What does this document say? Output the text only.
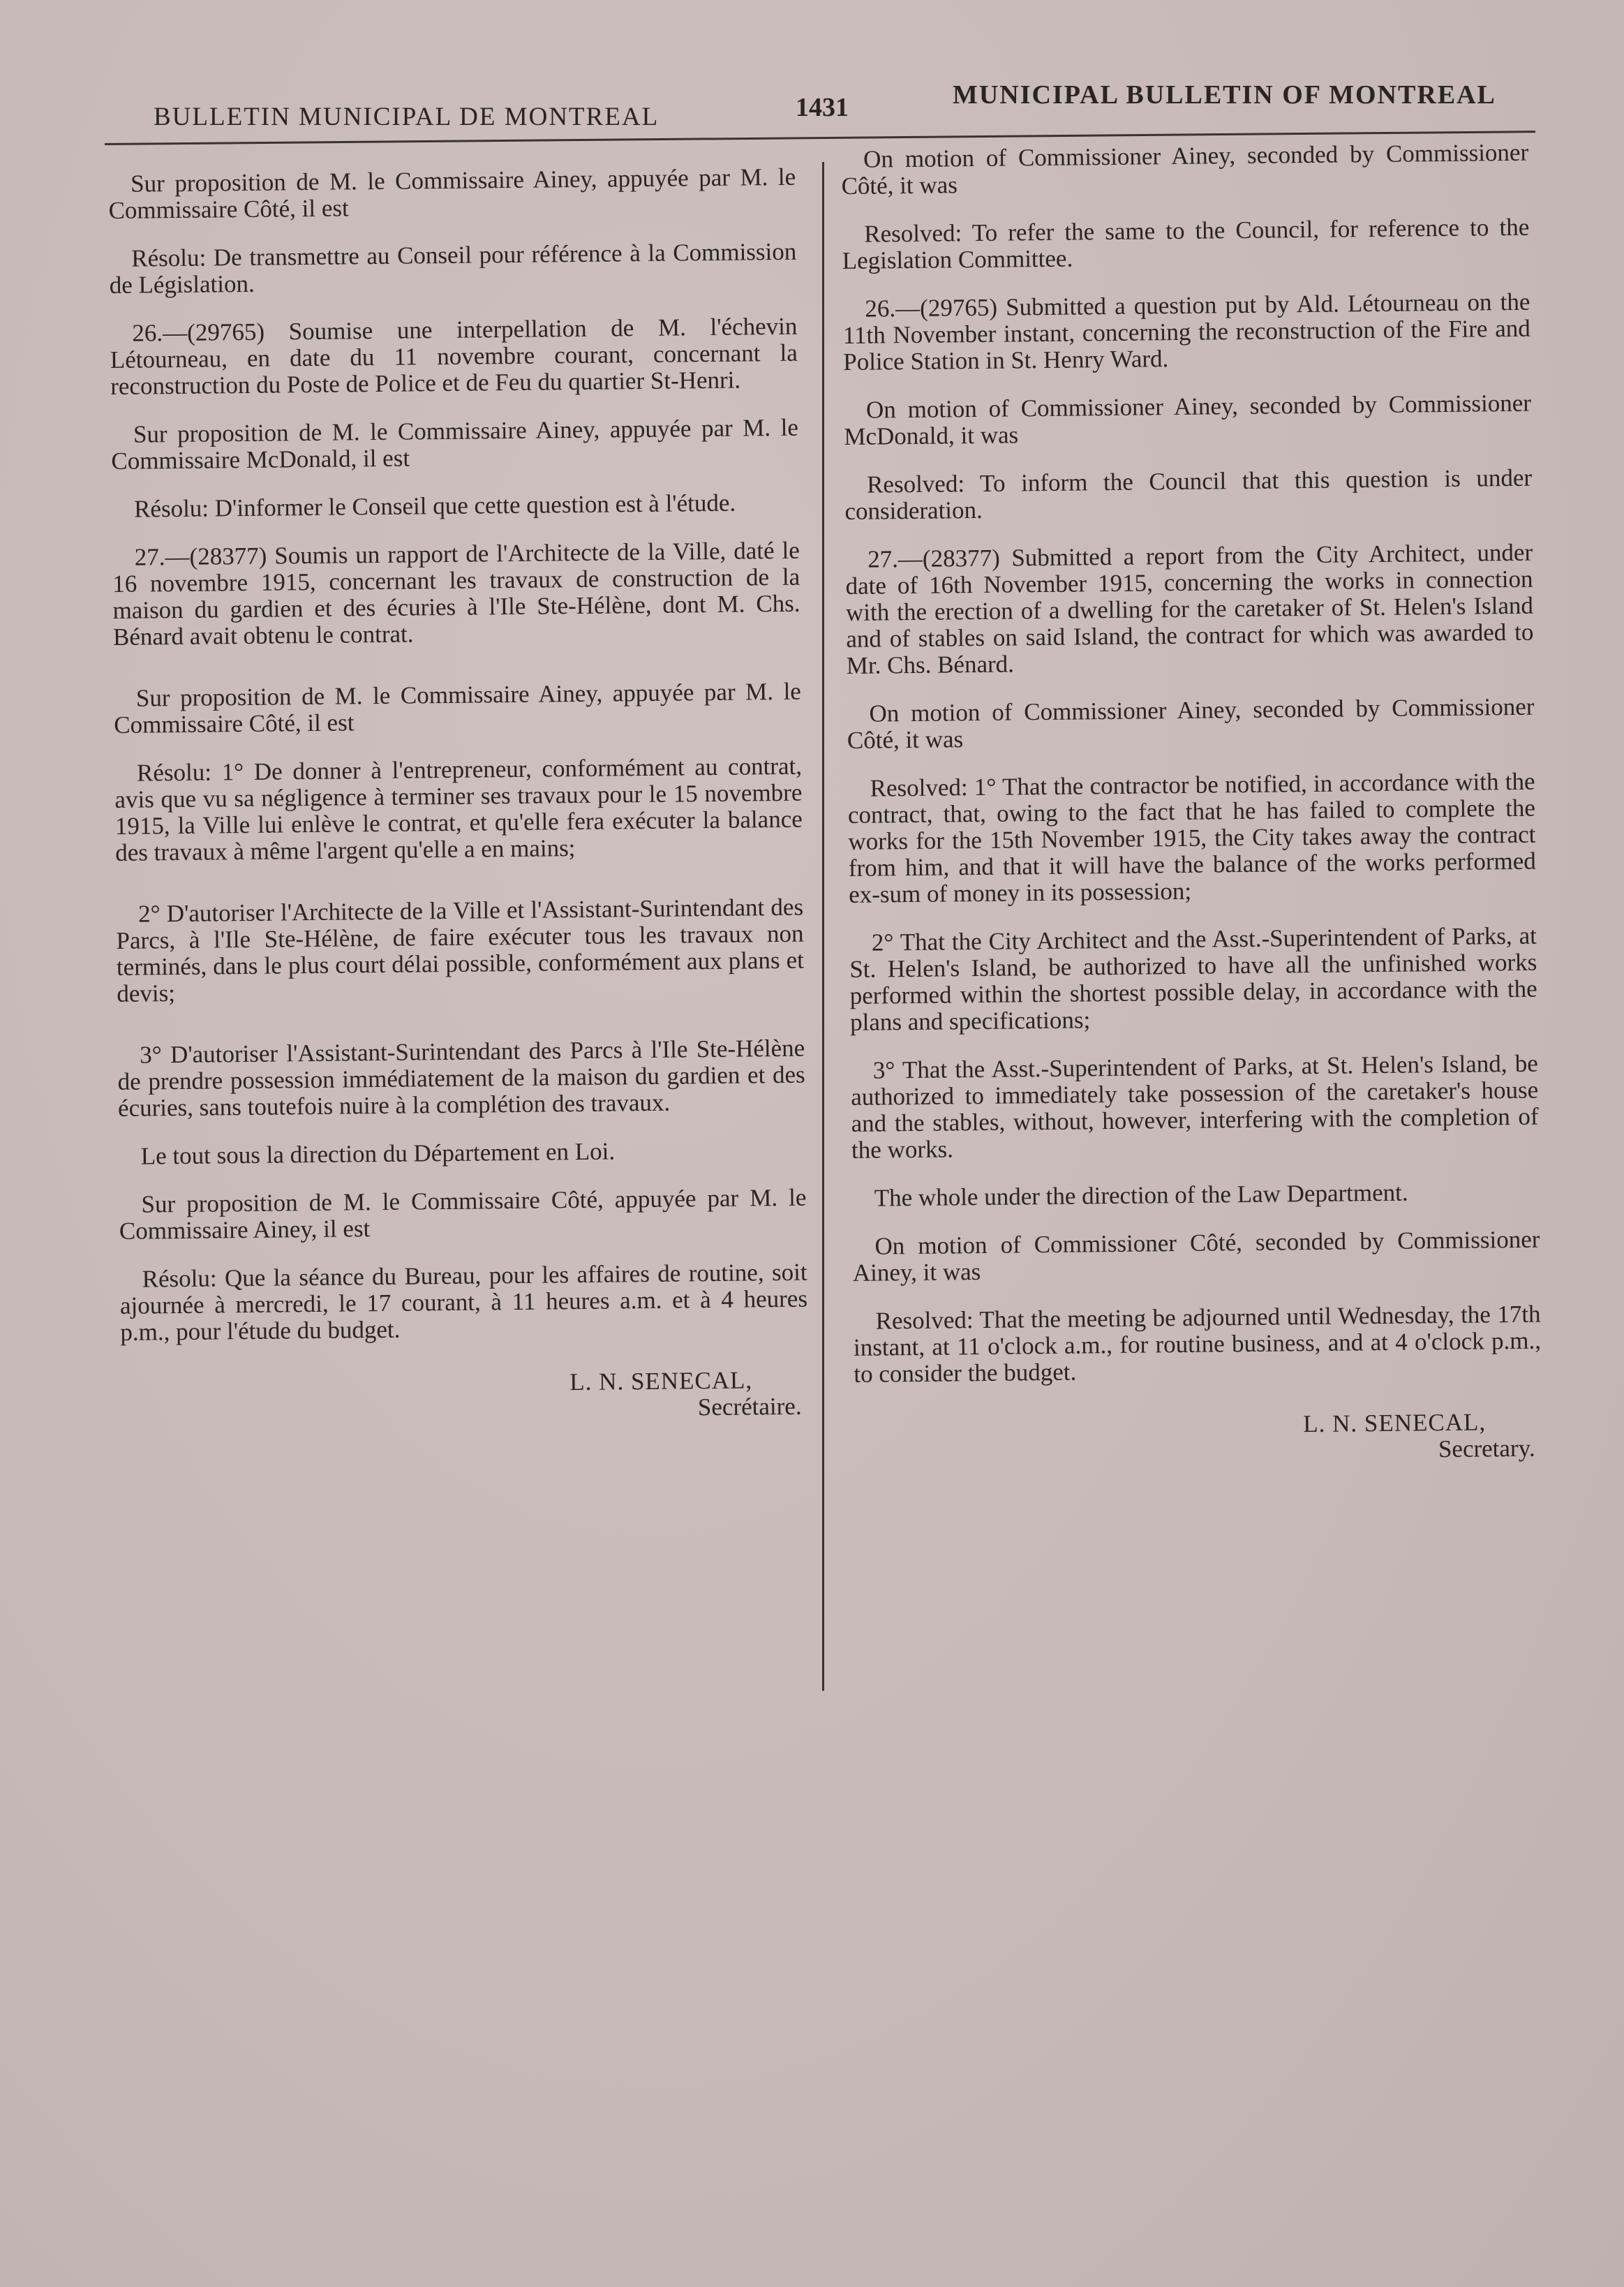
BULLETIN MUNICIPAL DE MONTREAL	1431	MUNICIPAL BULLETIN OF MONTREAL

Sur proposition de M. le Commissaire Ainey, appuyée par M. le Commissaire Côté, il est

Résolu: De transmettre au Conseil pour référence à la Commission de Législation.

26.—(29765) Soumise une interpellation de M. l'échevin Létourneau, en date du 11 novembre courant, concernant la reconstruction du Poste de Police et de Feu du quartier St-Henri.

Sur proposition de M. le Commissaire Ainey, appuyée par M. le Commissaire McDonald, il est

Résolu: D'informer le Conseil que cette question est à l'étude.

27.—(28377) Soumis un rapport de l'Architecte de la Ville, daté le 16 novembre 1915, concernant les travaux de construction de la maison du gardien et des écuries à l'Ile Ste-Hélène, dont M. Chs. Bénard avait obtenu le contrat.

Sur proposition de M. le Commissaire Ainey, appuyée par M. le Commissaire Côté, il est

Résolu: 1° De donner à l'entrepreneur, conformément au contrat, avis que vu sa négligence à terminer ses travaux pour le 15 novembre 1915, la Ville lui enlève le contrat, et qu'elle fera exécuter la balance des travaux à même l'argent qu'elle a en mains;

2° D'autoriser l'Architecte de la Ville et l'Assistant-Surintendant des Parcs, à l'Ile Ste-Hélène, de faire exécuter tous les travaux non terminés, dans le plus court délai possible, conformément aux plans et devis;

3° D'autoriser l'Assistant-Surintendant des Parcs à l'Ile Ste-Hélène de prendre possession immédiatement de la maison du gardien et des écuries, sans toutefois nuire à la complétion des travaux.

Le tout sous la direction du Département en Loi.

Sur proposition de M. le Commissaire Côté, appuyée par M. le Commissaire Ainey, il est

Résolu: Que la séance du Bureau, pour les affaires de routine, soit ajournée à mercredi, le 17 courant, à 11 heures a.m. et à 4 heures p.m., pour l'étude du budget.

L. N. SENECAL,

Secrétaire.

On motion of Commissioner Ainey, seconded by Commissioner Côté, it was

Resolved: To refer the same to the Council, for reference to the Legislation Committee.

26.—(29765) Submitted a question put by Ald. Létourneau on the 11th November instant, concerning the reconstruction of the Fire and Police Station in St. Henry Ward.

On motion of Commissioner Ainey, seconded by Commissioner McDonald, it was

Resolved: To inform the Council that this question is under consideration.

27.—(28377) Submitted a report from the City Architect, under date of 16th November 1915, concerning the works in connection with the erection of a dwelling for the caretaker of St. Helen's Island and of stables on said Island, the contract for which was awarded to Mr. Chs. Bénard.

On motion of Commissioner Ainey, seconded by Commissioner Côté, it was

Resolved: 1° That the contractor be notified, in accordance with the contract, that, owing to the fact that he has failed to complete the works for the 15th November 1915, the City takes away the contract from him, and that it will have the balance of the works performed ex-sum of money in its possession;

2° That the City Architect and the Asst.-Superintendent of Parks, at St. Helen's Island, be authorized to have all the unfinished works performed within the shortest possible delay, in accordance with the plans and specifications;

3° That the Asst.-Superintendent of Parks, at St. Helen's Island, be authorized to immediately take possession of the caretaker's house and the stables, without, however, interfering with the completion of the works.

The whole under the direction of the Law Department.

On motion of Commissioner Côté, seconded by Commissioner Ainey, it was

Resolved: That the meeting be adjourned until Wednesday, the 17th instant, at 11 o'clock a.m., for routine business, and at 4 o'clock p.m., to consider the budget.

L. N. SENECAL,

Secretary.
